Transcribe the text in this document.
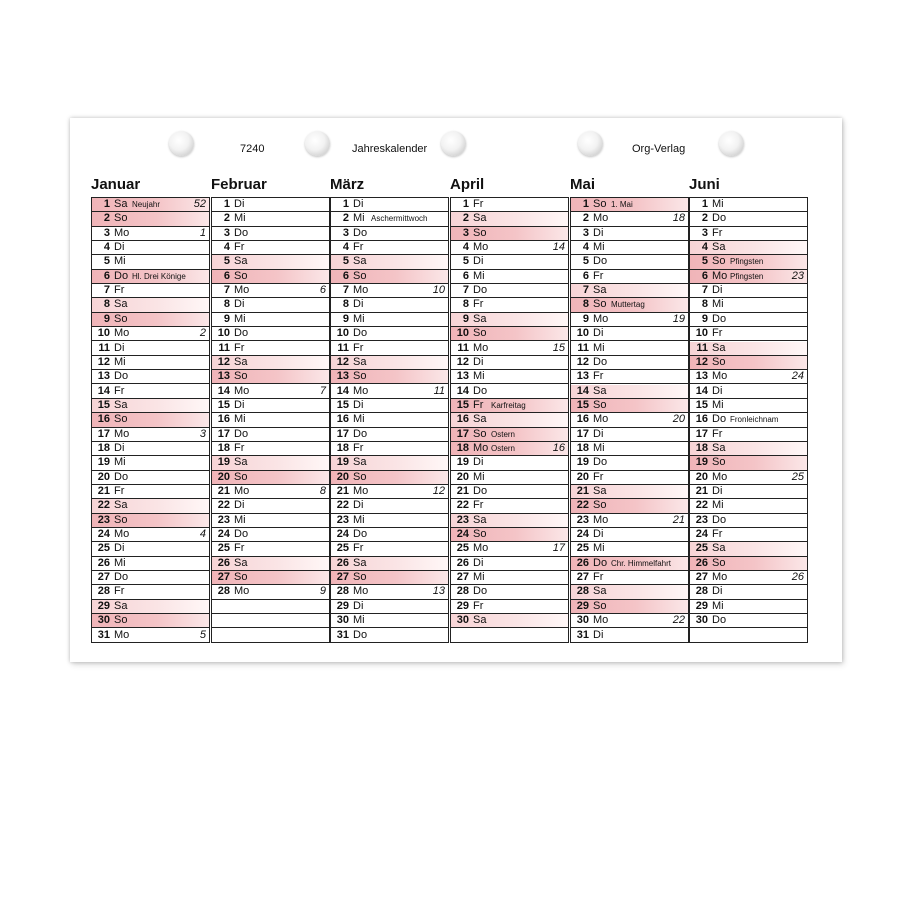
7240	Jahreskalender	Org-Verlag
Januar
1 Sa Neujahr	52
2 So
3 Mo	1
4 Di
5 Mi
6 Do Hl. Drei Könige
7 Fr
8 Sa
9 So
10 Mo	2
11 Di
12 Mi
13 Do
14 Fr
15 Sa
16 So
17 Mo	3
18 Di
19 Mi
20 Do
21 Fr
22 Sa
23 So
24 Mo	4
25 Di
26 Mi
27 Do
28 Fr
29 Sa
30 So
31 Mo	5
Februar
1 Di
2 Mi
3 Do
4 Fr
5 Sa
6 So
7 Mo	6
8 Di
9 Mi
10 Do
11 Fr
12 Sa
13 So
14 Mo	7
15 Di
16 Mi
17 Do
18 Fr
19 Sa
20 So
21 Mo	8
22 Di
23 Mi
24 Do
25 Fr
26 Sa
27 So
28 Mo	9
März
1 Di
2 Mi Aschermittwoch
3 Do
4 Fr
5 Sa
6 So
7 Mo	10
8 Di
9 Mi
10 Do
11 Fr
12 Sa
13 So
14 Mo	11
15 Di
16 Mi
17 Do
18 Fr
19 Sa
20 So
21 Mo	12
22 Di
23 Mi
24 Do
25 Fr
26 Sa
27 So
28 Mo	13
29 Di
30 Mi
31 Do
April
1 Fr
2 Sa
3 So
4 Mo	14
5 Di
6 Mi
7 Do
8 Fr
9 Sa
10 So
11 Mo	15
12 Di
13 Mi
14 Do
15 Fr Karfreitag
16 Sa
17 So Ostern
18 Mo Ostern	16
19 Di
20 Mi
21 Do
22 Fr
23 Sa
24 So
25 Mo	17
26 Di
27 Mi
28 Do
29 Fr
30 Sa
Mai
1 So 1. Mai
2 Mo	18
3 Di
4 Mi
5 Do
6 Fr
7 Sa
8 So Muttertag
9 Mo	19
10 Di
11 Mi
12 Do
13 Fr
14 Sa
15 So
16 Mo	20
17 Di
18 Mi
19 Do
20 Fr
21 Sa
22 So
23 Mo	21
24 Di
25 Mi
26 Do Chr. Himmelfahrt
27 Fr
28 Sa
29 So
30 Mo	22
31 Di
Juni
1 Mi
2 Do
3 Fr
4 Sa
5 So Pfingsten
6 Mo Pfingsten	23
7 Di
8 Mi
9 Do
10 Fr
11 Sa
12 So
13 Mo	24
14 Di
15 Mi
16 Do Fronleichnam
17 Fr
18 Sa
19 So
20 Mo	25
21 Di
22 Mi
23 Do
24 Fr
25 Sa
26 So
27 Mo	26
28 Di
29 Mi
30 Do
